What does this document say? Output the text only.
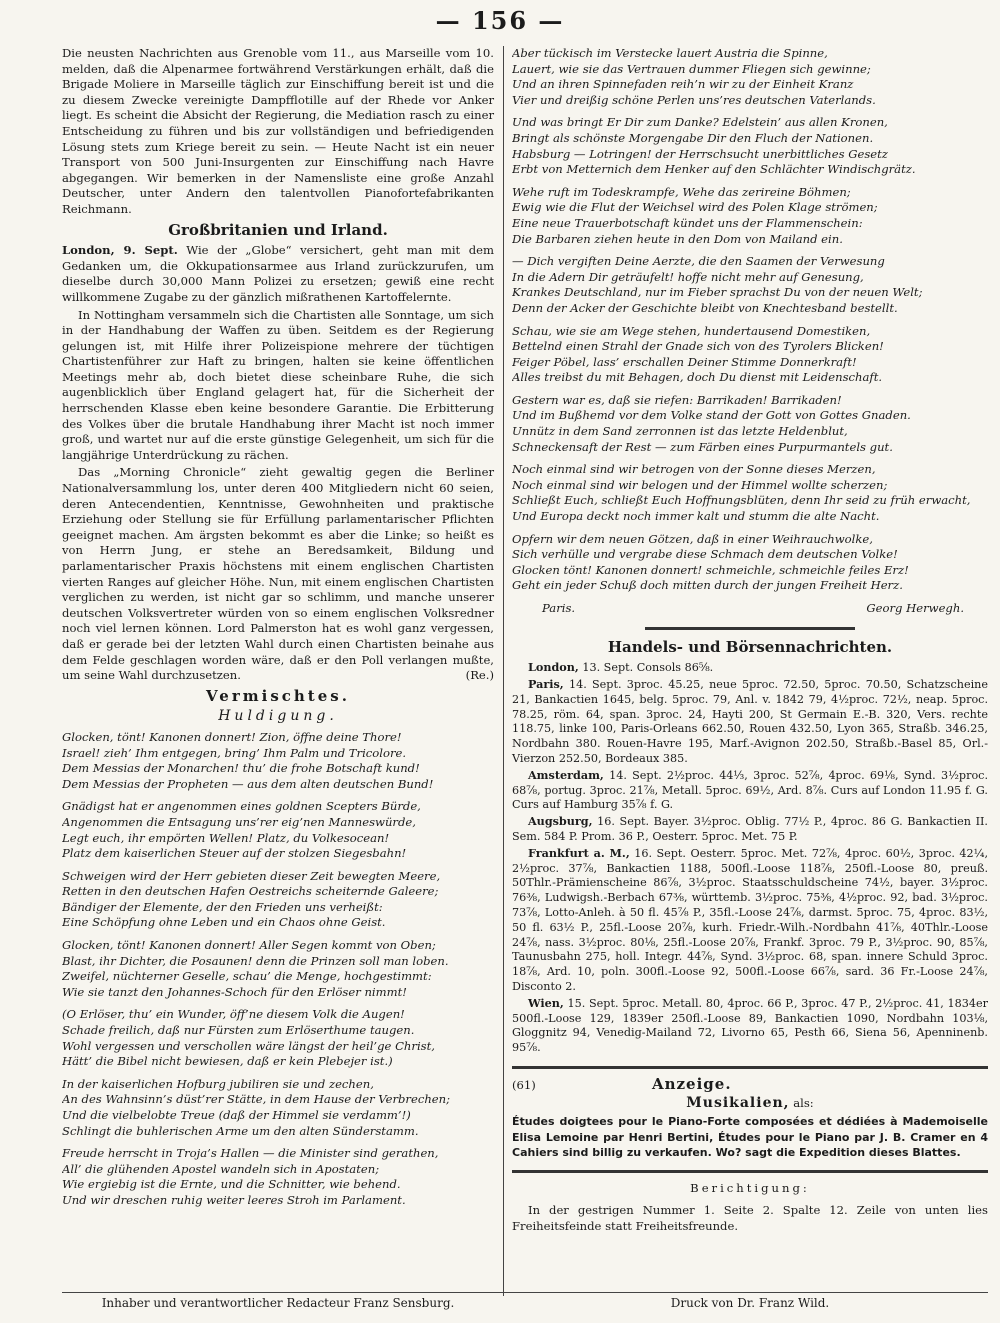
— 156 —

Die neusten Nachrichten aus Grenoble vom 11., aus Marseille vom 10. melden, daß die Alpenarmee fortwährend Verstärkungen erhält, daß die Brigade Moliere in Marseille täglich zur Einschiffung bereit ist und die zu diesem Zwecke vereinigte Dampfflotille auf der Rhede vor Anker liegt. Es scheint die Absicht der Regierung, die Mediation rasch zu einer Entscheidung zu führen und bis zur vollständigen und befriedigenden Lösung stets zum Kriege bereit zu sein. — Heute Nacht ist ein neuer Transport von 500 Juni-Insurgenten zur Einschiffung nach Havre abgegangen. Wir bemerken in der Namensliste eine große Anzahl Deutscher, unter Andern den talentvollen Pianofortefabrikanten Reichmann.

Großbritanien und Irland.

London, 9. Sept. Wie der „Globe“ versichert, geht man mit dem Gedanken um, die Okkupationsarmee aus Irland zurückzurufen, um dieselbe durch 30,000 Mann Polizei zu ersetzen; gewiß eine recht willkommene Zugabe zu der gänzlich mißrathenen Kartoffelernte.

In Nottingham versammeln sich die Chartisten alle Sonntage, um sich in der Handhabung der Waffen zu üben. Seitdem es der Regierung gelungen ist, mit Hilfe ihrer Polizeispione mehrere der tüchtigen Chartistenführer zur Haft zu bringen, halten sie keine öffentlichen Meetings mehr ab, doch bietet diese scheinbare Ruhe, die sich augenblicklich über England gelagert hat, für die Sicherheit der herrschenden Klasse eben keine besondere Garantie. Die Erbitterung des Volkes über die brutale Handhabung ihrer Macht ist noch immer groß, und wartet nur auf die erste günstige Gelegenheit, um sich für die langjährige Unterdrückung zu rächen.

Das „Morning Chronicle“ zieht gewaltig gegen die Berliner Nationalversammlung los, unter deren 400 Mitgliedern nicht 60 seien, deren Antecendentien, Kenntnisse, Gewohnheiten und praktische Erziehung oder Stellung sie für Erfüllung parlamentarischer Pflichten geeignet machen. Am ärgsten bekommt es aber die Linke; so heißt es von Herrn Jung, er stehe an Beredsamkeit, Bildung und parlamentarischer Praxis höchstens mit einem englischen Chartisten vierten Ranges auf gleicher Höhe. Nun, mit einem englischen Chartisten verglichen zu werden, ist nicht gar so schlimm, und manche unserer deutschen Volksvertreter würden von so einem englischen Volksredner noch viel lernen können. Lord Palmerston hat es wohl ganz vergessen, daß er gerade bei der letzten Wahl durch einen Chartisten beinahe aus dem Felde geschlagen worden wäre, daß er den Poll verlangen mußte, um seine Wahl durchzusetzen.	(Re.)

Vermischtes.
Huldigung.
Glocken, tönt! Kanonen donnert! Zion, öffne deine Thore!
Israel! zieh’ Ihm entgegen, bring’ Ihm Palm und Tricolore.
Dem Messias der Monarchen! thu’ die frohe Botschaft kund!
Dem Messias der Propheten — aus dem alten deutschen Bund!
Gnädigst hat er angenommen eines goldnen Scepters Bürde,
Angenommen die Entsagung uns’rer eig’nen Manneswürde,
Legt euch, ihr empörten Wellen! Platz, du Volkesocean!
Platz dem kaiserlichen Steuer auf der stolzen Siegesbahn!
Schweigen wird der Herr gebieten dieser Zeit bewegten Meere,
Retten in den deutschen Hafen Oestreichs scheiternde Galeere;
Bändiger der Elemente, der den Frieden uns verheißt:
Eine Schöpfung ohne Leben und ein Chaos ohne Geist.
Glocken, tönt! Kanonen donnert! Aller Segen kommt von Oben;
Blast, ihr Dichter, die Posaunen! denn die Prinzen soll man loben.
Zweifel, nüchterner Geselle, schau’ die Menge, hochgestimmt:
Wie sie tanzt den Johannes-Schoch für den Erlöser nimmt!
(O Erlöser, thu’ ein Wunder, öff’ne diesem Volk die Augen!
Schade freilich, daß nur Fürsten zum Erlöserthume taugen.
Wohl vergessen und verschollen wäre längst der heil’ge Christ,
Hätt’ die Bibel nicht bewiesen, daß er kein Plebejer ist.)
In der kaiserlichen Hofburg jubiliren sie und zechen,
An des Wahnsinn’s düst’rer Stätte, in dem Hause der Verbrechen;
Und die vielbelobte Treue (daß der Himmel sie verdamm’!)
Schlingt die buhlerischen Arme um den alten Sünderstamm.
Freude herrscht in Troja’s Hallen — die Minister sind gerathen,
All’ die glühenden Apostel wandeln sich in Apostaten;
Wie ergiebig ist die Ernte, und die Schnitter, wie behend.
Und wir dreschen ruhig weiter leeres Stroh im Parlament.
Aber tückisch im Verstecke lauert Austria die Spinne,
Lauert, wie sie das Vertrauen dummer Fliegen sich gewinne;
Und an ihren Spinnefaden reih’n wir zu der Einheit Kranz
Vier und dreißig schöne Perlen uns’res deutschen Vaterlands.
Und was bringt Er Dir zum Danke? Edelstein’ aus allen Kronen,
Bringt als schönste Morgengabe Dir den Fluch der Nationen.
Habsburg — Lotringen! der Herrschsucht unerbittliches Gesetz
Erbt von Metternich dem Henker auf den Schlächter Windischgrätz.
Wehe ruft im Todeskrampfe, Wehe das zerireine Böhmen;
Ewig wie die Flut der Weichsel wird des Polen Klage strömen;
Eine neue Trauerbotschaft kündet uns der Flammenschein:
Die Barbaren ziehen heute in den Dom von Mailand ein.
— Dich vergiften Deine Aerzte, die den Saamen der Verwesung
In die Adern Dir geträufelt! hoffe nicht mehr auf Genesung,
Krankes Deutschland, nur im Fieber sprachst Du von der neuen Welt;
Denn der Acker der Geschichte bleibt von Knechtesband bestellt.
Schau, wie sie am Wege stehen, hundertausend Domestiken,
Bettelnd einen Strahl der Gnade sich von des Tyrolers Blicken!
Feiger Pöbel, lass’ erschallen Deiner Stimme Donnerkraft!
Alles treibst du mit Behagen, doch Du dienst mit Leidenschaft.
Gestern war es, daß sie riefen: Barrikaden! Barrikaden!
Und im Bußhemd vor dem Volke stand der Gott von Gottes Gnaden.
Unnütz in dem Sand zerronnen ist das letzte Heldenblut,
Schneckensaft der Rest — zum Färben eines Purpurmantels gut.
Noch einmal sind wir betrogen von der Sonne dieses Merzen,
Noch einmal sind wir belogen und der Himmel wollte scherzen;
Schließt Euch, schließt Euch Hoffnungsblüten, denn Ihr seid zu früh erwacht,
Und Europa deckt noch immer kalt und stumm die alte Nacht.
Opfern wir dem neuen Götzen, daß in einer Weihrauchwolke,
Sich verhülle und vergrabe diese Schmach dem deutschen Volke!
Glocken tönt! Kanonen donnert! schmeichle, schmeichle feiles Erz!
Geht ein jeder Schuß doch mitten durch der jungen Freiheit Herz.
Paris.	Georg Herwegh.
Handels- und Börsennachrichten.

London, 13. Sept. Consols 86⅝.

Paris, 14. Sept. 3proc. 45.25, neue 5proc. 72.50, 5proc. 70.50, Schatzscheine 21, Bankactien 1645, belg. 5proc. 79, Anl. v. 1842 79, 4½proc. 72½, neap. 5proc. 78.25, röm. 64, span. 3proc. 24, Hayti 200, St Germain E.-B. 320, Vers. rechte 118.75, linke 100, Paris-Orleans 662.50, Rouen 432.50, Lyon 365, Straßb. 346.25, Nordbahn 380. Rouen-Havre 195, Marf.-Avignon 202.50, Straßb.-Basel 85, Orl.-Vierzon 252.50, Bordeaux 385.

Amsterdam, 14. Sept. 2½proc. 44⅓, 3proc. 52⅞, 4proc. 69⅛, Synd. 3½proc. 68⅞, portug. 3proc. 21⅞, Metall. 5proc. 69½, Ard. 8⅞. Curs auf London 11.95 f. G. Curs auf Hamburg 35⅞ f. G.

Augsburg, 16. Sept. Bayer. 3½proc. Oblig. 77½ P., 4proc. 86 G. Bankactien II. Sem. 584 P. Prom. 36 P., Oesterr. 5proc. Met. 75 P.

Frankfurt a. M., 16. Sept. Oesterr. 5proc. Met. 72⅞, 4proc. 60½, 3proc. 42¼, 2½proc. 37⅞, Bankactien 1188, 500fl.-Loose 118⅞, 250fl.-Loose 80, preuß. 50Thlr.-Prämienscheine 86⅞, 3½proc. Staatsschuldscheine 74½, bayer. 3½proc. 76⅜, Ludwigsh.-Berbach 67⅜, württemb. 3½proc. 75⅜, 4½proc. 92, bad. 3½proc. 73⅞, Lotto-Anleh. à 50 fl. 45⅞ P., 35fl.-Loose 24⅞, darmst. 5proc. 75, 4proc. 83½, 50 fl. 63½ P., 25fl.-Loose 20⅞, kurh. Friedr.-Wilh.-Nordbahn 41⅞, 40Thlr.-Loose 24⅞, nass. 3½proc. 80⅛, 25fl.-Loose 20⅞, Frankf. 3proc. 79 P., 3½proc. 90, 85⅞, Taunusbahn 275, holl. Integr. 44⅞, Synd. 3½proc. 68, span. innere Schuld 3proc. 18⅞, Ard. 10, poln. 300fl.-Loose 92, 500fl.-Loose 66⅞, sard. 36 Fr.-Loose 24⅞, Disconto 2.

Wien, 15. Sept. 5proc. Metall. 80, 4proc. 66 P., 3proc. 47 P., 2½proc. 41, 1834er 500fl.-Loose 129, 1839er 250fl.-Loose 89, Bankactien 1090, Nordbahn 103⅛, Gloggnitz 94, Venedig-Mailand 72, Livorno 65, Pesth 66, Siena 56, Apenninenb. 95⅞.

(61)	Anzeige.
Musikalien, als:
Études doigtees pour le Piano-Forte composées et dédiées à Mademoiselle Elisa Lemoine par Henri Bertini, Études pour le Piano par J. B. Cramer en 4 Cahiers sind billig zu verkaufen. Wo? sagt die Expedition dieses Blattes.
Berichtigung:

In der gestrigen Nummer 1. Seite 2. Spalte 12. Zeile von unten lies Freiheitsfeinde statt Freiheitsfreunde.

Inhaber und verantwortlicher Redacteur Franz Sensburg.	Druck von Dr. Franz Wild.
